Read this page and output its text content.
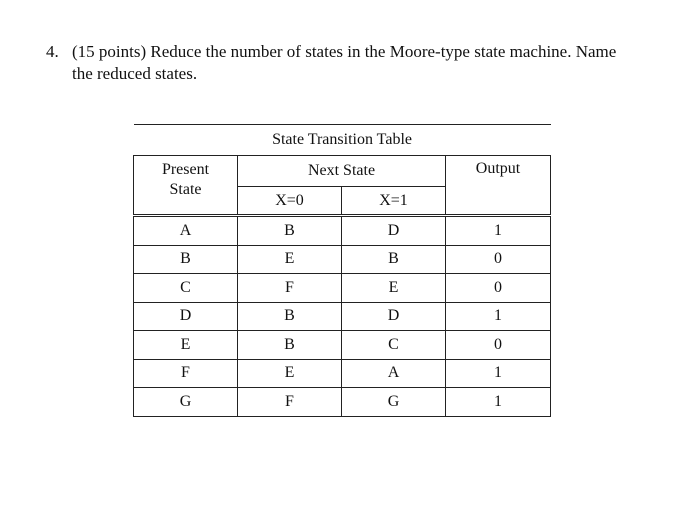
4. (15 points) Reduce the number of states in the Moore-type state machine. Name
the reduced states.
State Transition Table			
Present
State	Next State		Output
	X=0	X=1	
A	B	D	1
B	E	B	0
C	F	E	0
D	B	D	1
E	B	C	0
F	E	A	1
G	F	G	1
